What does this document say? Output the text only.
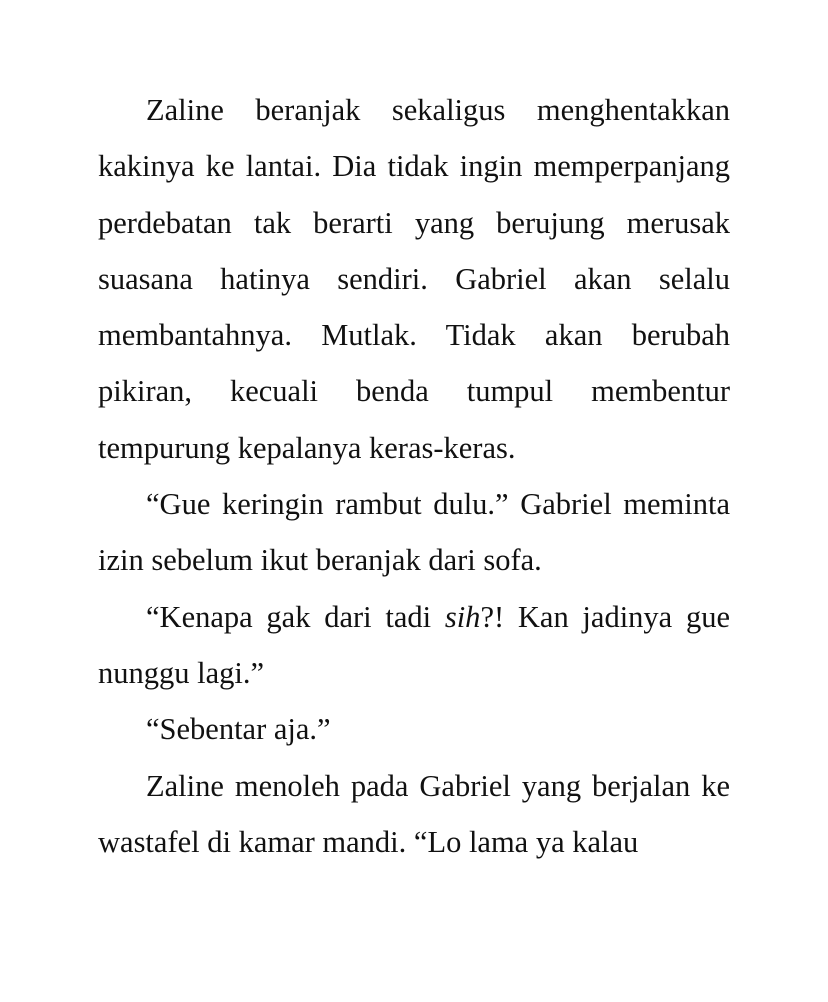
Zaline beranjak sekaligus menghentakkan kakinya ke lantai. Dia tidak ingin memperpanjang perdebatan tak berarti yang berujung merusak suasana hatinya sendiri. Gabriel akan selalu membantahnya. Mutlak. Tidak akan berubah pikiran, kecuali benda tumpul membentur tempurung kepalanya keras-keras.

“Gue keringin rambut dulu.” Gabriel meminta izin sebelum ikut beranjak dari sofa.

“Kenapa gak dari tadi sih?! Kan jadinya gue nunggu lagi.”

“Sebentar aja.”

Zaline menoleh pada Gabriel yang berjalan ke wastafel di kamar mandi. “Lo lama ya kalau
